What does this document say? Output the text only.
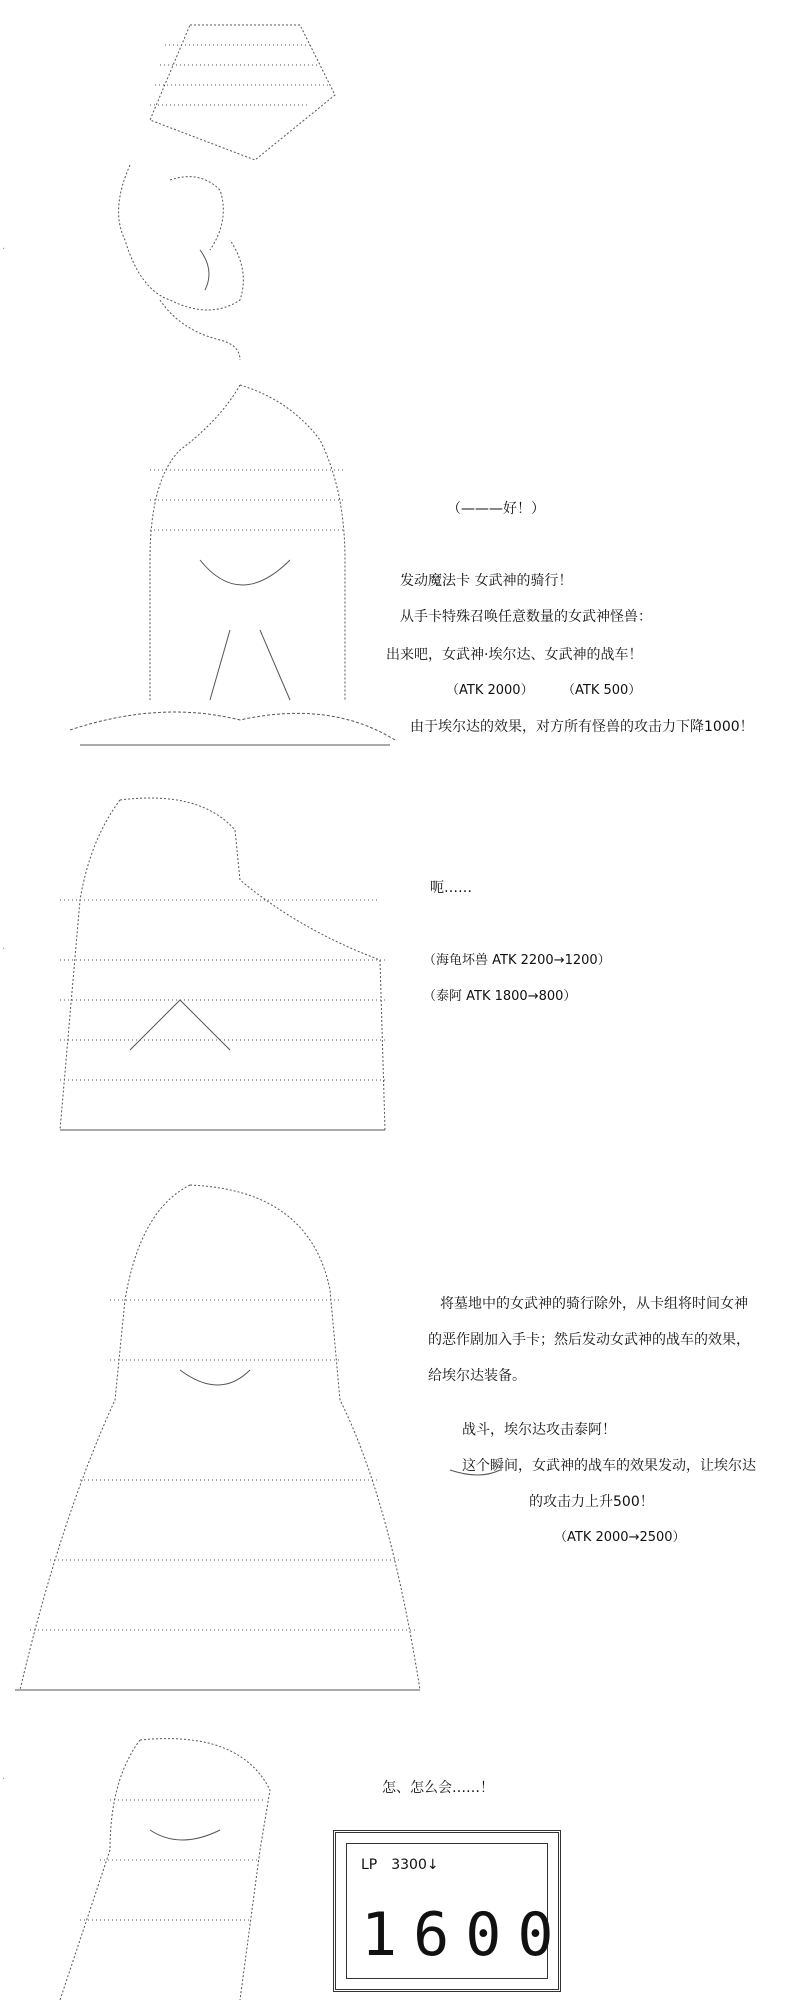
（———好！）
发动魔法卡 女武神的骑行！
从手卡特殊召唤任意数量的女武神怪兽：
出来吧，女武神·埃尔达、女武神的战车！
（ATK 2000） （ATK 500）
由于埃尔达的效果，对方所有怪兽的攻击力下降1000！
呃……
（海龟坏兽 ATK 2200→1200）
（泰阿 ATK 1800→800）
将墓地中的女武神的骑行除外，从卡组将时间女神
的恶作剧加入手卡；然后发动女武神的战车的效果，
给埃尔达装备。
战斗，埃尔达攻击泰阿！
这个瞬间，女武神的战车的效果发动，让埃尔达
的攻击力上升500！
（ATK 2000→2500）
怎、怎么会……！
LP　3300↓
1600
·
·
·
